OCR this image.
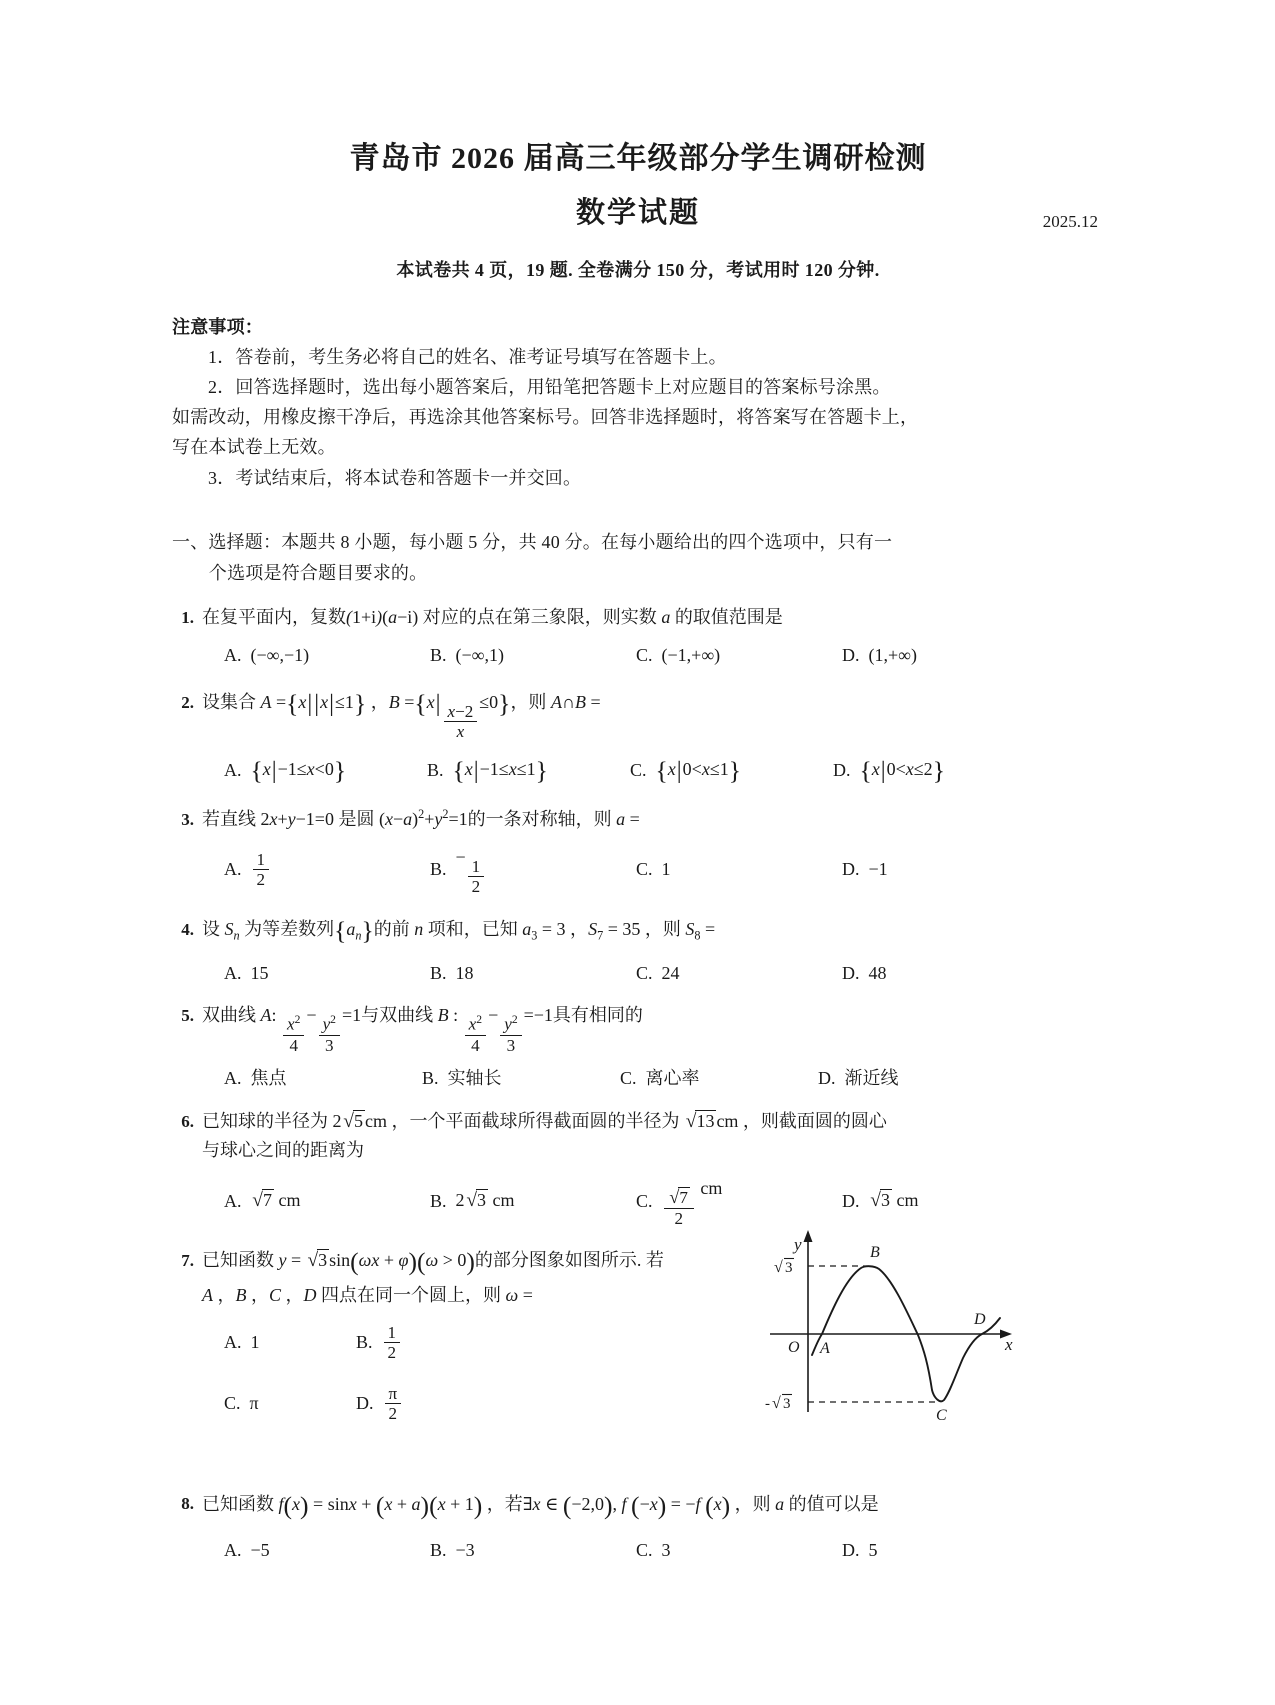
青岛市 2026 届高三年级部分学生调研检测
数学试题	2025.12
本试卷共 4 页，19 题. 全卷满分 150 分，考试用时 120 分钟.
注意事项：
1．答卷前，考生务必将自己的姓名、准考证号填写在答题卡上。
2．回答选择题时，选出每小题答案后，用铅笔把答题卡上对应题目的答案标号涂黑。
如需改动，用橡皮擦干净后，再选涂其他答案标号。回答非选择题时，将答案写在答题卡上，
写在本试卷上无效。
3．考试结束后，将本试卷和答题卡一并交回。
一、选择题：本题共 8 小题，每小题 5 分，共 40 分。在每小题给出的四个选项中，只有一
个选项是符合题目要求的。
1. 在复平面内，复数(1+i)(a−i) 对应的点在第三象限，则实数 a 的取值范围是
A. (−∞,−1)	B. (−∞,1)	C. (−1,+∞)	D. (1,+∞)
2. 设集合 A ={x||x|≤1} ，$B =\{x| \frac{x-2}{x}$
≤0}，则 A∩B =
A. {x|−1≤x<0}	B. {x|−1≤x≤1}	C. {x|0<x≤1}	D. {x|0<x≤2}
3. 若直线 2x+y−1=0 是圆 $(x-a)^2+y^2=1$的一条对称轴，则 a =
A. $\frac{1}{2}$	B.
−
$\frac{1}{2}$	C. 1	D. −1
4. 设 $S_n$ 为等差数列$\{a_n\}$的前 n 项和，已知 $a_3 = 3$ ，$S_7 = 35$ ，则 $S_8$ =
A. 15	B. 18	C. 24	D. 48
5. 双曲线 A: $\frac{x^2}{4} - \frac{y^2}{3} =1$与双曲线 B : $\frac{x^2}{4} - \frac{y^2}{3} =-1$具有相同的
A. 焦点	B. 实轴长	C. 离心率	D. 渐近线
6. 已知球的半径为 2√5 cm ，一个平面截球所得截面圆的半径为 √13 cm ，则截面圆的圆心
与球心之间的距离为
A. √7 cm	B. 2√3 cm	C. $\frac{√7}{2}$ cm
D. √3 cm
7. 已知函数 y = √3 sin(ωx + φ)(ω > 0)的部分图象如图所示. 若
A ，B ，C ，D 四点在同一个圆上，则 ω =
A. 1	B. $\frac{1}{2}$
C. π	D. $\frac{\pi}{2}$
8. 已知函数 f(x) = sinx + (x + a)(x + 1) ，若∃x ∈ (−2,0), f (−x) = −f (x) ，则 a 的值可以是
A. −5	B. −3	C. 3	D. 5
y
x
O A
B
C
D
√ 3
- √ 3
